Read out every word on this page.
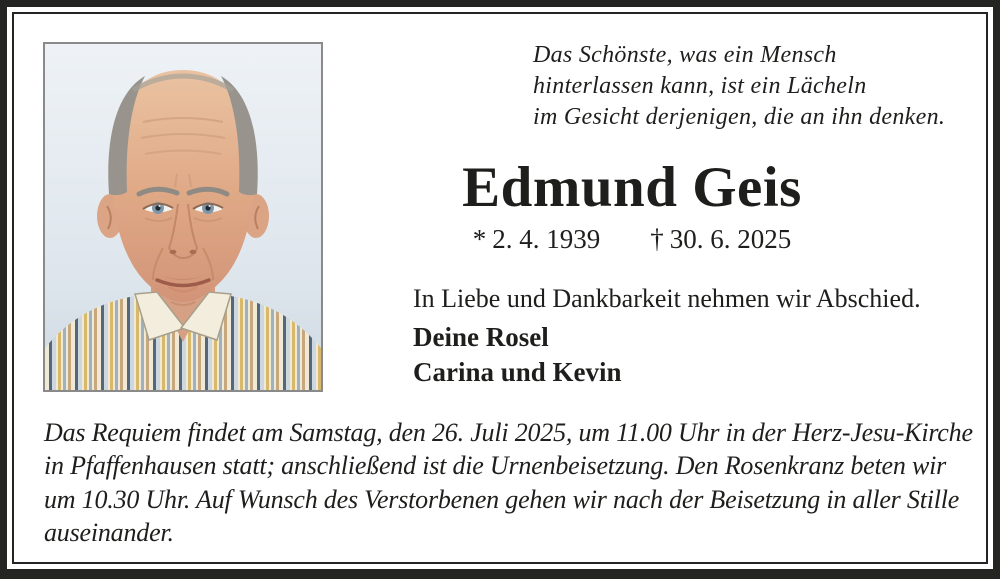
Das Schönste, was ein Mensch
hinterlassen kann, ist ein Lächeln
im Gesicht derjenigen, die an ihn denken.
Edmund Geis
* 2. 4. 1939 † 30. 6. 2025
In Liebe und Dankbarkeit nehmen wir Abschied.
Deine Rosel
Carina und Kevin
Das Requiem findet am Samstag, den 26. Juli 2025, um 11.00 Uhr in der Herz-Jesu-Kirche
in Pfaffenhausen statt; anschließend ist die Urnenbeisetzung. Den Rosenkranz beten wir
um 10.30 Uhr. Auf Wunsch des Verstorbenen gehen wir nach der Beisetzung in aller Stille
auseinander.
